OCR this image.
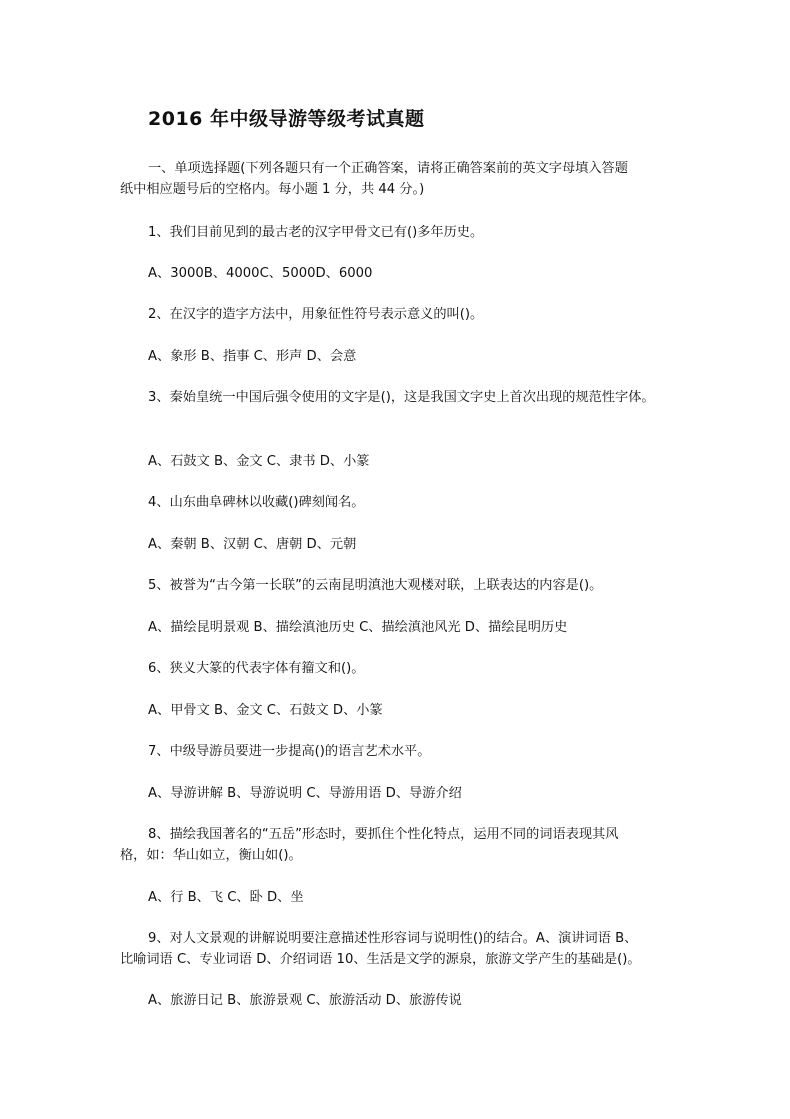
2016 年中级导游等级考试真题
一、单项选择题(下列各题只有一个正确答案，请将正确答案前的英文字母填入答题
纸中相应题号后的空格内。每小题 1 分，共 44 分。)
1、我们目前见到的最古老的汉字甲骨文已有()多年历史。
A、3000B、4000C、5000D、6000
2、在汉字的造字方法中，用象征性符号表示意义的叫()。
A、象形 B、指事 C、形声 D、会意
3、秦始皇统一中国后强令使用的文字是()，这是我国文字史上首次出现的规范性字体。
A、石鼓文 B、金文 C、隶书 D、小篆
4、山东曲阜碑林以收藏()碑刻闻名。
A、秦朝 B、汉朝 C、唐朝 D、元朝
5、被誉为“古今第一长联”的云南昆明滇池大观楼对联，上联表达的内容是()。
A、描绘昆明景观 B、描绘滇池历史 C、描绘滇池风光 D、描绘昆明历史
6、狭义大篆的代表字体有籀文和()。
A、甲骨文 B、金文 C、石鼓文 D、小篆
7、中级导游员要进一步提高()的语言艺术水平。
A、导游讲解 B、导游说明 C、导游用语 D、导游介绍
8、描绘我国著名的“五岳”形态时，要抓住个性化特点，运用不同的词语表现其风
格，如：华山如立，衡山如()。
A、行 B、飞 C、卧 D、坐
9、对人文景观的讲解说明要注意描述性形容词与说明性()的结合。A、演讲词语 B、
比喻词语 C、专业词语 D、介绍词语 10、生活是文学的源泉，旅游文学产生的基础是()。
A、旅游日记 B、旅游景观 C、旅游活动 D、旅游传说
